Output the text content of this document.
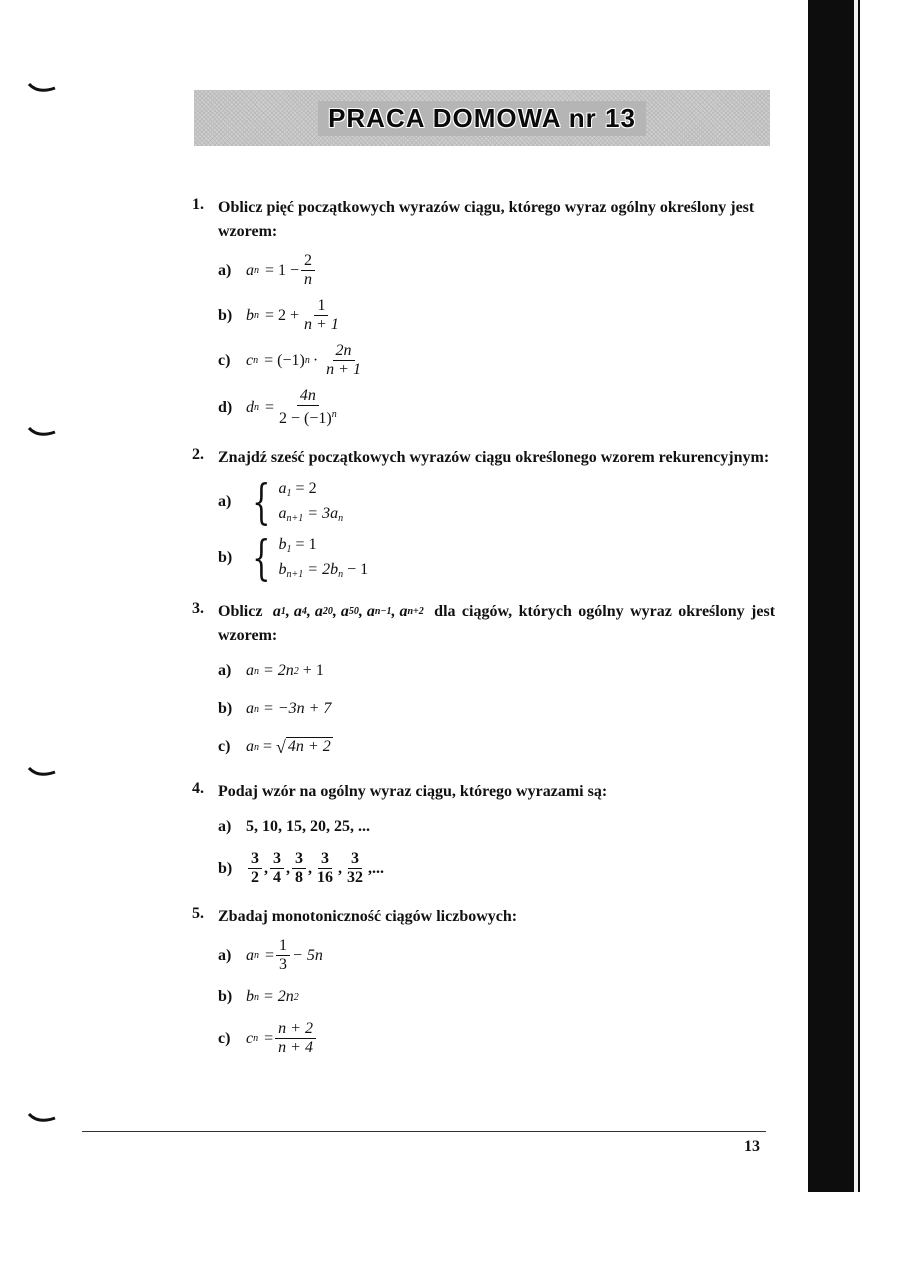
PRACA DOMOWA nr 13
1. Oblicz pięć początkowych wyrazów ciągu, którego wyraz ogólny określony jest wzorem:
a) a $n = 1 - \frac{2}{n}$
b) b $n = 2 + \frac{1}{n + 1}$
c) c n = (−1) $n \cdot \frac{2n}{n + 1}$
d) d $n = \frac{4n}{2 - (-1)^n}$
2. Znajdź sześć początkowych wyrazów ciągu określonego wzorem rekurencyjnym:
a) { $a_1 = 2$
$a_{n+1} = 3a_n$
b) { $b_1 = 1$
$b_{n+1} = 2b_n - 1$
3. Oblicz a 1 , a 4 , a 20 , a 50 , a n−1 , a n+2 dla ciągów, których ogólny wyraz określony jest wzorem:
a) a n
= 2n 2
+ 1
b) a n
= −3n + 7
c) a n
=
√ 4n + 2
4. Podaj wzór na ogólny wyraz ciągu, którego wyrazami są:
a) 5, 10, 15, 20, 25, ...
$b) \frac{3}{2}$ , $\frac{3}{4}$ , $\frac{3}{8}$ , $\frac{3}{16}$ , $\frac{3}{32}$ ,...
5. Zbadaj monotoniczność ciągów liczbowych:
a) a $n = \frac{1}{3} - 5n$
b) b n
= 2n 2
c) c $n = \frac{n + 2}{n + 4}$
13
